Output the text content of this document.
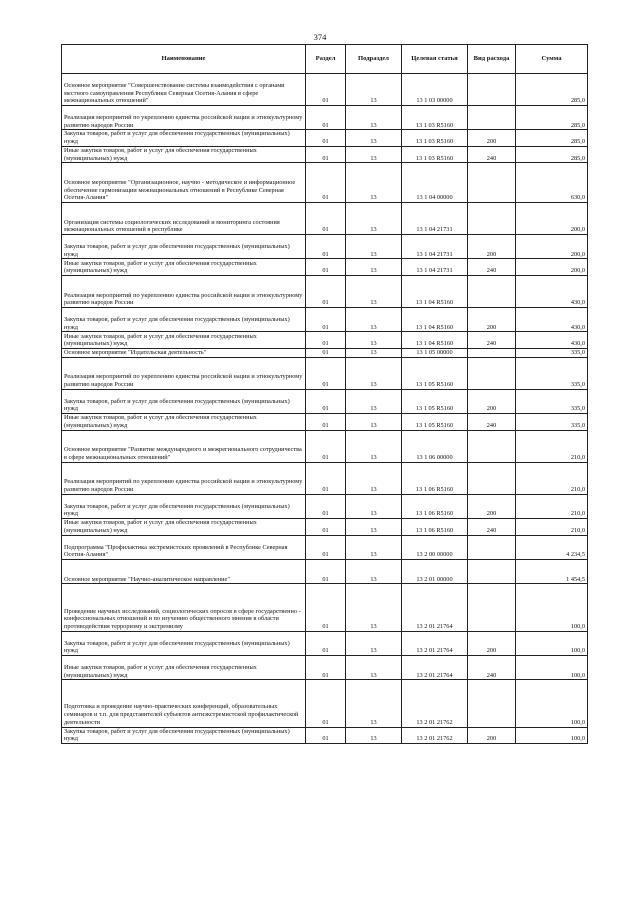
374
Наименование	Раздел	Подраздел	Целевая статья	Вид расхода	Сумма
Основное мероприятие "Совершенствование системы взаимодействия с органами местного самоуправления Республики Северная Осетия-Алания в сфере межнациональных отношений"	01	13	13 1 03 00000		285,0
Реализация мероприятий по укреплению единства российской нации и этнокультурному развитию народов России	01	13	13 1 03 R5160		285,0
Закупка товаров, работ и услуг для обеспечения государственных (муниципальных) нужд	01	13	13 1 03 R5160	200	285,0
Иные закупки товаров, работ и услуг для обеспечения государственных (муниципальных) нужд	01	13	13 1 03 R5160	240	285,0
Основное мероприятие "Организационное, научно - методическое и информационное обеспечение гармонизации межнациональных отношений в Республике Северная Осетия-Алания"	01	13	13 1 04 00000		630,0
Организация системы социологических исследований и мониторинга состояния межнациональных отношений в республике	01	13	13 1 04 21731		200,0
Закупка товаров, работ и услуг для обеспечения государственных (муниципальных) нужд	01	13	13 1 04 21731	200	200,0
Иные закупки товаров, работ и услуг для обеспечения государственных (муниципальных) нужд	01	13	13 1 04 21731	240	200,0
Реализация мероприятий по укреплению единства российской нации и этнокультурному развитию народов России	01	13	13 1 04 R5160		430,0
Закупка товаров, работ и услуг для обеспечения государственных (муниципальных) нужд	01	13	13 1 04 R5160	200	430,0
Иные закупки товаров, работ и услуг для обеспечения государственных (муниципальных) нужд	01	13	13 1 04 R5160	240	430,0
Основное мероприятие "Издательская деятельность"	01	13	13 1 05 00000		335,0
Реализация мероприятий по укреплению единства российской нации и этнокультурному развитию народов России	01	13	13 1 05 R5160		335,0
Закупка товаров, работ и услуг для обеспечения государственных (муниципальных) нужд	01	13	13 1 05 R5160	200	335,0
Иные закупки товаров, работ и услуг для обеспечения государственных (муниципальных) нужд	01	13	13 1 05 R5160	240	335,0
Основное мероприятие "Развитие международного и межрегионального сотрудничества в сфере межнациональных отношений"	01	13	13 1 06 00000		210,0
Реализация мероприятий по укреплению единства российской нации и этнокультурному развитию народов России	01	13	13 1 06 R5160		210,0
Закупка товаров, работ и услуг для обеспечения государственных (муниципальных) нужд	01	13	13 1 06 R5160	200	210,0
Иные закупки товаров, работ и услуг для обеспечения государственных (муниципальных) нужд	01	13	13 1 06 R5160	240	210,0
Подпрограмма "Профилактика экстремистских проявлений в Республике Северная Осетия-Алания"	01	13	13 2 00 00000		4 234,5
Основное мероприятие "Научно-аналитическое направление"	01	13	13 2 01 00000		1 454,5
Проведение научных исследований, социологических опросов в сфере государственно - конфессиональных отношений и по изучению общественного мнения в области противодействия терроризму и экстремизму	01	13	13 2 01 21764		100,0
Закупка товаров, работ и услуг для обеспечения государственных (муниципальных) нужд	01	13	13 2 01 21764	200	100,0
Иные закупки товаров, работ и услуг для обеспечения государственных (муниципальных) нужд	01	13	13 2 01 21764	240	100,0
Подготовка и проведение научно-практических конференций, образовательных семинаров и т.п. для представителей субъектов антиэкстремистской профилактической деятельности	01	13	13 2 01 21762		100,0
Закупка товаров, работ и услуг для обеспечения государственных (муниципальных) нужд	01	13	13 2 01 21762	200	100,0
